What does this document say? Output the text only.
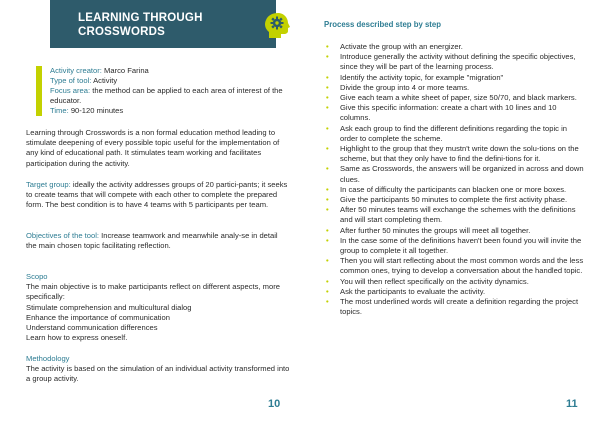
LEARNING THROUGH CROSSWORDS
Activity creator: Marco Farina
Type of tool: Activity
Focus area: the method can be applied to each area of interest of the educator.
Time: 90-120 minutes

Learning through Crosswords is a non formal education method leading to stimulate deepening of every possible topic useful for the implementation of any kind of educational path. It stimulates team working and facilitates participation during the activity.

Target group: ideally the activity addresses groups of 20 partici-pants; it seeks to create teams that will compete with each other to complete the prepared form. The best condition is to have 4 teams with 5 participants per team.

Objectives of the tool: Increase teamwork and meanwhile analy-se in detail the main chosen topic facilitating reflection.

Scopo
The main objective is to make participants reflect on different aspects, more specifically:
Stimulate comprehension and multicultural dialog
Enhance the importance of communication
Understand communication differences
Learn how to express oneself.
Methodology
The activity is based on the simulation of an individual activity transformed into a group activity.
10
Process described step by step
• Activate the group with an energizer.
• Introduce generally the activity without defining the specific objectives, since they will be part of the learning process.
• Identify the activity topic, for example "migration"
• Divide the group into 4 or more teams.
• Give each team a white sheet of paper, size 50/70, and black markers.
• Give this specific information: create a chart with 10 lines and 10 columns.
• Ask each group to find the different definitions regarding the topic in order to complete the scheme.
• Highlight to the group that they mustn't write down the solu-tions on the scheme, but that they only have to find the defini-tions for it.
• Same as Crosswords, the answers will be organized in across and down clues.
• In case of difficulty the participants can blacken one or more boxes.
• Give the participants 50 minutes to complete the first activity phase.
• After 50 minutes teams will exchange the schemes with the definitions and will start completing them.
• After further 50 minutes the groups will meet all together.
• In the case some of the definitions haven't been found you will invite the group to complete it all together.
• Then you will start reflecting about the most common words and the less common ones, trying to develop a conversation about the handled topic.
• You will then reflect specifically on the activity dynamics.
• Ask the participants to evaluate the activity.
• The most underlined words will create a definition regarding the project topics.
11
